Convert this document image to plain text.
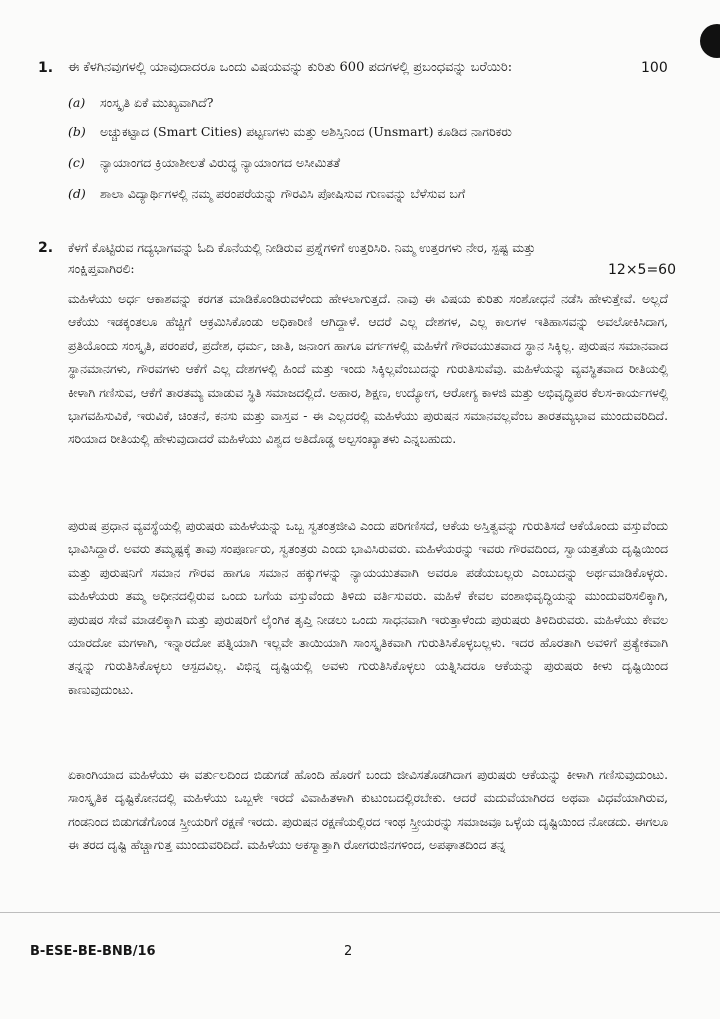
1. ಈ ಕೆಳಗಿನವುಗಳಲ್ಲಿ ಯಾವುದಾದರೂ ಒಂದು ವಿಷಯವನ್ನು ಕುರಿತು 600 ಪದಗಳಲ್ಲಿ ಪ್ರಬಂಧವನ್ನು ಬರೆಯಿರಿ:	100
(a) ಸಂಸ್ಕೃತಿ ಏಕೆ ಮುಖ್ಯವಾಗಿದೆ?
(b) ಅಚ್ಚುಕಟ್ಟಾದ (Smart Cities) ಪಟ್ಟಣಗಳು ಮತ್ತು ಅಶಿಸ್ತಿನಿಂದ (Unsmart) ಕೂಡಿದ ನಾಗರಿಕರು
(c) ನ್ಯಾಯಾಂಗದ ಕ್ರಿಯಾಶೀಲತೆ ವಿರುದ್ಧ ನ್ಯಾಯಾಂಗದ ಅಸೀಮಿತತೆ
(d) ಶಾಲಾ ವಿದ್ಯಾರ್ಥಿಗಳಲ್ಲಿ ನಮ್ಮ ಪರಂಪರೆಯನ್ನು ಗೌರವಿಸಿ ಪೋಷಿಸುವ ಗುಣವನ್ನು ಬೆಳೆಸುವ ಬಗೆ
2. ಕೆಳಗೆ ಕೊಟ್ಟಿರುವ ಗದ್ಯಭಾಗವನ್ನು ಓದಿ ಕೊನೆಯಲ್ಲಿ ನೀಡಿರುವ ಪ್ರಶ್ನೆಗಳಿಗೆ ಉತ್ತರಿಸಿರಿ. ನಿಮ್ಮ ಉತ್ತರಗಳು ನೇರ, ಸ್ಪಷ್ಟ ಮತ್ತು
ಸಂಕ್ಷಿಪ್ತವಾಗಿರಲಿ:	12×5=60

ಮಹಿಳೆಯು ಅರ್ಧ ಆಕಾಶವನ್ನು ಕರಗತ ಮಾಡಿಕೊಂಡಿರುವಳೆಂದು ಹೇಳಲಾಗುತ್ತದೆ. ನಾವು ಈ ವಿಷಯ ಕುರಿತು ಸಂಶೋಧನೆ ನಡೆಸಿ ಹೇಳುತ್ತೇವೆ. ಅಲ್ಲದೆ ಆಕೆಯು ಇಡಕ್ಕಂತಲೂ ಹೆಚ್ಚಿಗೆ ಆಕ್ರಮಿಸಿಕೊಂಡು ಅಧಿಕಾರಿಣಿ ಆಗಿದ್ದಾಳೆ. ಆದರೆ ಎಲ್ಲ ದೇಶಗಳ, ಎಲ್ಲ ಕಾಲಗಳ ಇತಿಹಾಸವನ್ನು ಅವಲೋಕಿಸಿದಾಗ, ಪ್ರತಿಯೊಂದು ಸಂಸ್ಕೃತಿ, ಪರಂಪರೆ, ಪ್ರದೇಶ, ಧರ್ಮ, ಜಾತಿ, ಜನಾಂಗ ಹಾಗೂ ವರ್ಗಗಳಲ್ಲಿ ಮಹಿಳೆಗೆ ಗೌರವಯುತವಾದ ಸ್ಥಾನ ಸಿಕ್ಕಿಲ್ಲ. ಪುರುಷನ ಸಮಾನವಾದ ಸ್ಥಾನಮಾನಗಳು, ಗೌರವಗಳು ಆಕೆಗೆ ಎಲ್ಲ ದೇಶಗಳಲ್ಲಿ ಹಿಂದೆ ಮತ್ತು ಇಂದು ಸಿಕ್ಕಿಲ್ಲವೆಂಬುದನ್ನು ಗುರುತಿಸುವೆವು. ಮಹಿಳೆಯನ್ನು ವ್ಯವಸ್ಥಿತವಾದ ರೀತಿಯಲ್ಲಿ ಕೀಳಾಗಿ ಗಣಿಸುವ, ಆಕೆಗೆ ತಾರತಮ್ಯ ಮಾಡುವ ಸ್ಥಿತಿ ಸಮಾಜದಲ್ಲಿದೆ. ಅಹಾರ, ಶಿಕ್ಷಣ, ಉದ್ಯೋಗ, ಆರೋಗ್ಯ ಕಾಳಜಿ ಮತ್ತು ಅಭಿವೃದ್ಧಿಪರ ಕೆಲಸ-ಕಾರ್ಯಗಳಲ್ಲಿ ಭಾಗವಹಿಸುವಿಕೆ, ಇರುವಿಕೆ, ಚಿಂತನೆ, ಕನಸು ಮತ್ತು ವಾಸ್ತವ - ಈ ಎಲ್ಲದರಲ್ಲಿ ಮಹಿಳೆಯು ಪುರುಷನ ಸಮಾನವಲ್ಲವೆಂಬ ತಾರತಮ್ಯಭಾವ ಮುಂದುವರಿದಿದೆ. ಸರಿಯಾದ ರೀತಿಯಲ್ಲಿ ಹೇಳುವುದಾದರೆ ಮಹಿಳೆಯು ವಿಶ್ವದ ಅತಿದೊಡ್ಡ ಅಲ್ಪಸಂಖ್ಯಾತಳು ಎನ್ನಬಹುದು.

ಪುರುಷ ಪ್ರಧಾನ ವ್ಯವಸ್ಥೆಯಲ್ಲಿ ಪುರುಷರು ಮಹಿಳೆಯನ್ನು ಒಬ್ಬ ಸ್ವತಂತ್ರಜೀವಿ ಎಂದು ಪರಿಗಣಿಸದೆ, ಆಕೆಯ ಅಸ್ತಿತ್ವವನ್ನು ಗುರುತಿಸದೆ ಆಕೆಯೊಂದು ವಸ್ತುವೆಂದು ಭಾವಿಸಿದ್ದಾರೆ. ಅವರು ತಮ್ಮಷ್ಟಕ್ಕೆ ತಾವು ಸಂಪೂರ್ಣರು, ಸ್ವತಂತ್ರರು ಎಂದು ಭಾವಿಸಿರುವರು. ಮಹಿಳೆಯರನ್ನು ಇವರು ಗೌರವದಿಂದ, ಸ್ವಾಯತ್ತತೆಯ ದೃಷ್ಟಿಯಿಂದ ಮತ್ತು ಪುರುಷನಿಗೆ ಸಮಾನ ಗೌರವ ಹಾಗೂ ಸಮಾನ ಹಕ್ಕುಗಳನ್ನು ನ್ಯಾಯಯುತವಾಗಿ ಅವರೂ ಪಡೆಯಬಲ್ಲರು ಎಂಬುದನ್ನು ಅರ್ಥಮಾಡಿಕೊಳ್ಳರು. ಮಹಿಳೆಯರು ತಮ್ಮ ಅಧೀನದಲ್ಲಿರುವ ಒಂದು ಬಗೆಯ ವಸ್ತುವೆಂದು ತಿಳಿದು ವರ್ತಿಸುವರು. ಮಹಿಳೆ ಕೇವಲ ವಂಶಾಭಿವೃದ್ಧಿಯನ್ನು ಮುಂದುವರಿಸಲಿಕ್ಕಾಗಿ, ಪುರುಷರ ಸೇವೆ ಮಾಡಲಿಕ್ಕಾಗಿ ಮತ್ತು ಪುರುಷರಿಗೆ ಲೈಂಗಿಕ ತೃಪ್ತಿ ನೀಡಲು ಒಂದು ಸಾಧನವಾಗಿ ಇರುತ್ತಾಳೆಂದು ಪುರುಷರು ತಿಳಿದಿರುವರು. ಮಹಿಳೆಯು ಕೇವಲ ಯಾರದೋ ಮಗಳಾಗಿ, ಇನ್ನಾರದೋ ಪತ್ನಿಯಾಗಿ ಇಲ್ಲವೇ ತಾಯಿಯಾಗಿ ಸಾಂಸ್ಕೃತಿಕವಾಗಿ ಗುರುತಿಸಿಕೊಳ್ಳಬಲ್ಲಳು. ಇದರ ಹೊರತಾಗಿ ಅವಳಿಗೆ ಪ್ರತ್ಯೇಕವಾಗಿ ತನ್ನನ್ನು ಗುರುತಿಸಿಕೊಳ್ಳಲು ಆಸ್ಪದವಿಲ್ಲ. ವಿಭಿನ್ನ ದೃಷ್ಟಿಯಲ್ಲಿ ಅವಳು ಗುರುತಿಸಿಕೊಳ್ಳಲು ಯತ್ನಿಸಿದರೂ ಆಕೆಯನ್ನು ಪುರುಷರು ಕೀಳು ದೃಷ್ಟಿಯಿಂದ ಕಾಣುವುದುಂಟು.

ಏಕಾಂಗಿಯಾದ ಮಹಿಳೆಯು ಈ ವರ್ತುಲದಿಂದ ಬಿಡುಗಡೆ ಹೊಂದಿ ಹೊರಗೆ ಬಂದು ಜೀವಿಸತೊಡಗಿದಾಗ ಪುರುಷರು ಆಕೆಯನ್ನು ಕೀಳಾಗಿ ಗಣಿಸುವುದುಂಟು. ಸಾಂಸ್ಕೃತಿಕ ದೃಷ್ಟಿಕೋನದಲ್ಲಿ ಮಹಿಳೆಯು ಒಬ್ಬಳೇ ಇರದೆ ವಿವಾಹಿತಳಾಗಿ ಕುಟುಂಬದಲ್ಲಿರಬೇಕು. ಆದರೆ ಮದುವೆಯಾಗಿರದ ಅಥವಾ ವಿಧವೆಯಾಗಿರುವ, ಗಂಡನಿಂದ ಬಿಡುಗಡೆಗೊಂಡ ಸ್ತ್ರೀಯರಿಗೆ ರಕ್ಷಣೆ ಇರದು. ಪುರುಷನ ರಕ್ಷಣೆಯಲ್ಲಿರದ ಇಂಥ ಸ್ತ್ರೀಯರನ್ನು ಸಮಾಜವೂ ಒಳ್ಳೆಯ ದೃಷ್ಟಿಯಿಂದ ನೋಡದು. ಈಗಲೂ ಈ ತರದ ದೃಷ್ಟಿ ಹೆಚ್ಚಾಗುತ್ತ ಮುಂದುವರಿದಿದೆ. ಮಹಿಳೆಯು ಅಕಸ್ಮಾತ್ತಾಗಿ ರೋಗರುಜಿನಗಳಿಂದ, ಅಪಘಾತದಿಂದ ತನ್ನ

B-ESE-BE-BNB/16	2
